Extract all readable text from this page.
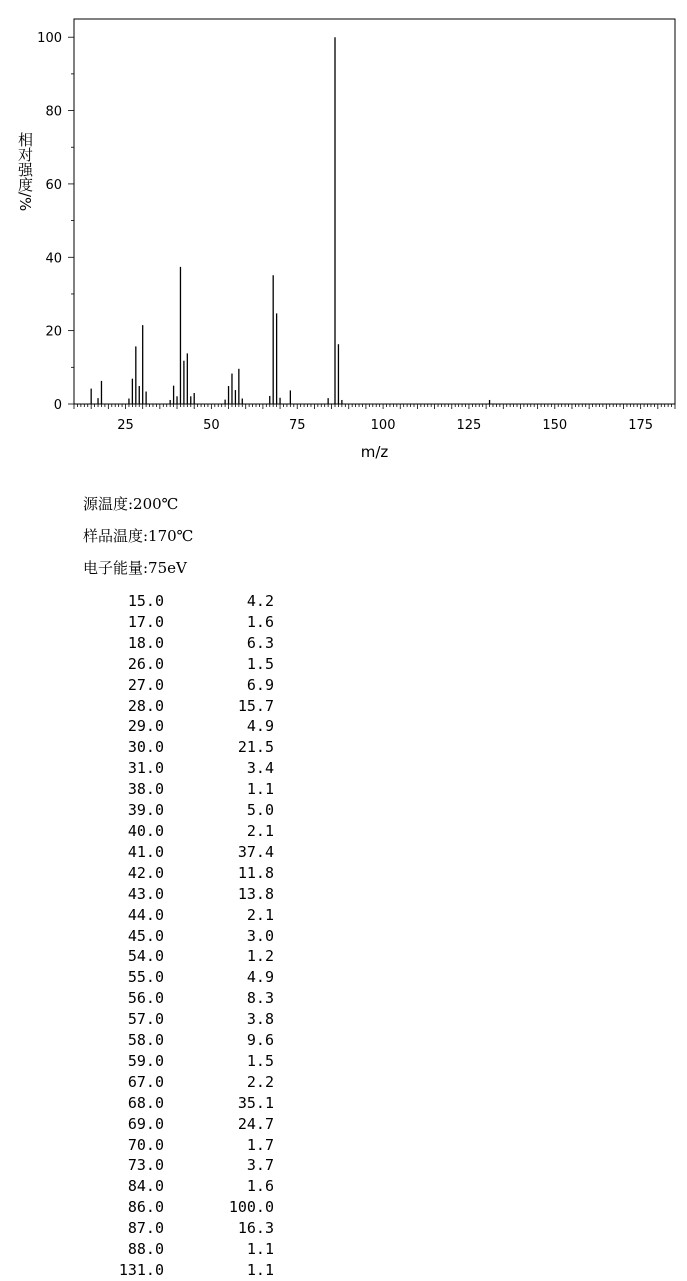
25	50	75	100	125	150	175
0
20
40
60
80
100
m/z
相对强度/%
源温度:200℃
样品温度:170℃
电子能量:75eV
15.0	4.2
17.0	1.6
18.0	6.3
26.0	1.5
27.0	6.9
28.0	15.7
29.0	4.9
30.0	21.5
31.0	3.4
38.0	1.1
39.0	5.0
40.0	2.1
41.0	37.4
42.0	11.8
43.0	13.8
44.0	2.1
45.0	3.0
54.0	1.2
55.0	4.9
56.0	8.3
57.0	3.8
58.0	9.6
59.0	1.5
67.0	2.2
68.0	35.1
69.0	24.7
70.0	1.7
73.0	3.7
84.0	1.6
86.0	100.0
87.0	16.3
88.0	1.1
131.0	1.1
